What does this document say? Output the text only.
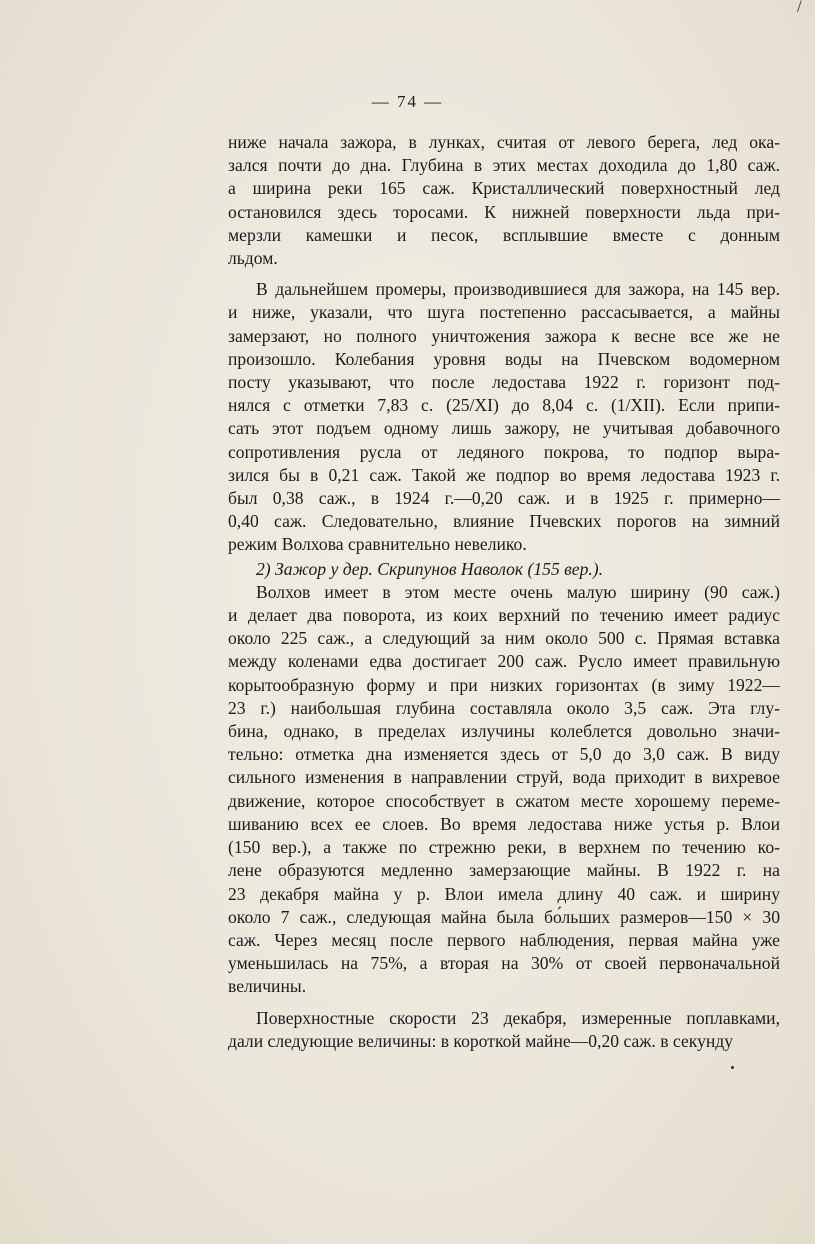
/
— 74 —
ниже начала зажора, в лунках, считая от левого берега, лед ока-
зался почти до дна. Глубина в этих местах доходила до 1,80 саж.
а ширина реки 165 саж. Кристаллический поверхностный лед
остановился здесь торосами. К нижней поверхности льда при-
мерзли камешки и песок, всплывшие вместе с донным
льдом.
В дальнейшем промеры, производившиеся для зажора, на 145 вер.
и ниже, указали, что шуга постепенно рассасывается, а майны
замерзают, но полного уничтожения зажора к весне все же не
произошло. Колебания уровня воды на Пчевском водомерном
посту указывают, что после ледостава 1922 г. горизонт под-
нялся с отметки 7,83 с. (25/XI) до 8,04 с. (1/XII). Если припи-
сать этот подъем одному лишь зажору, не учитывая добавочного
сопротивления русла от ледяного покрова, то подпор выра-
зился бы в 0,21 саж. Такой же подпор во время ледостава 1923 г.
был 0,38 саж., в 1924 г.—0,20 саж. и в 1925 г. примерно—
0,40 саж. Следовательно, влияние Пчевских порогов на зимний
режим Волхова сравнительно невелико.
2) Зажор у дер. Скрипунов Наволок (155 вер.).
Волхов имеет в этом месте очень малую ширину (90 саж.)
и делает два поворота, из коих верхний по течению имеет радиус
около 225 саж., а следующий за ним около 500 с. Прямая вставка
между коленами едва достигает 200 саж. Русло имеет правильную
корытообразную форму и при низких горизонтах (в зиму 1922—
23 г.) наибольшая глубина составляла около 3,5 саж. Эта глу-
бина, однако, в пределах излучины колеблется довольно значи-
тельно: отметка дна изменяется здесь от 5,0 до 3,0 саж. В виду
сильного изменения в направлении струй, вода приходит в вихревое
движение, которое способствует в сжатом месте хорошему переме-
шиванию всех ее слоев. Во время ледостава ниже устья р. Влои
(150 вер.), а также по стрежню реки, в верхнем по течению ко-
лене образуются медленно замерзающие майны. В 1922 г. на
23 декабря майна у р. Влои имела длину 40 саж. и ширину
около 7 саж., следующая майна была бо́льших размеров—150 × 30
саж. Через месяц после первого наблюдения, первая майна уже
уменьшилась на 75%, а вторая на 30% от своей первоначальной
величины.
Поверхностные скорости 23 декабря, измеренные поплавками,
дали следующие величины: в короткой майне—0,20 саж. в секунду
